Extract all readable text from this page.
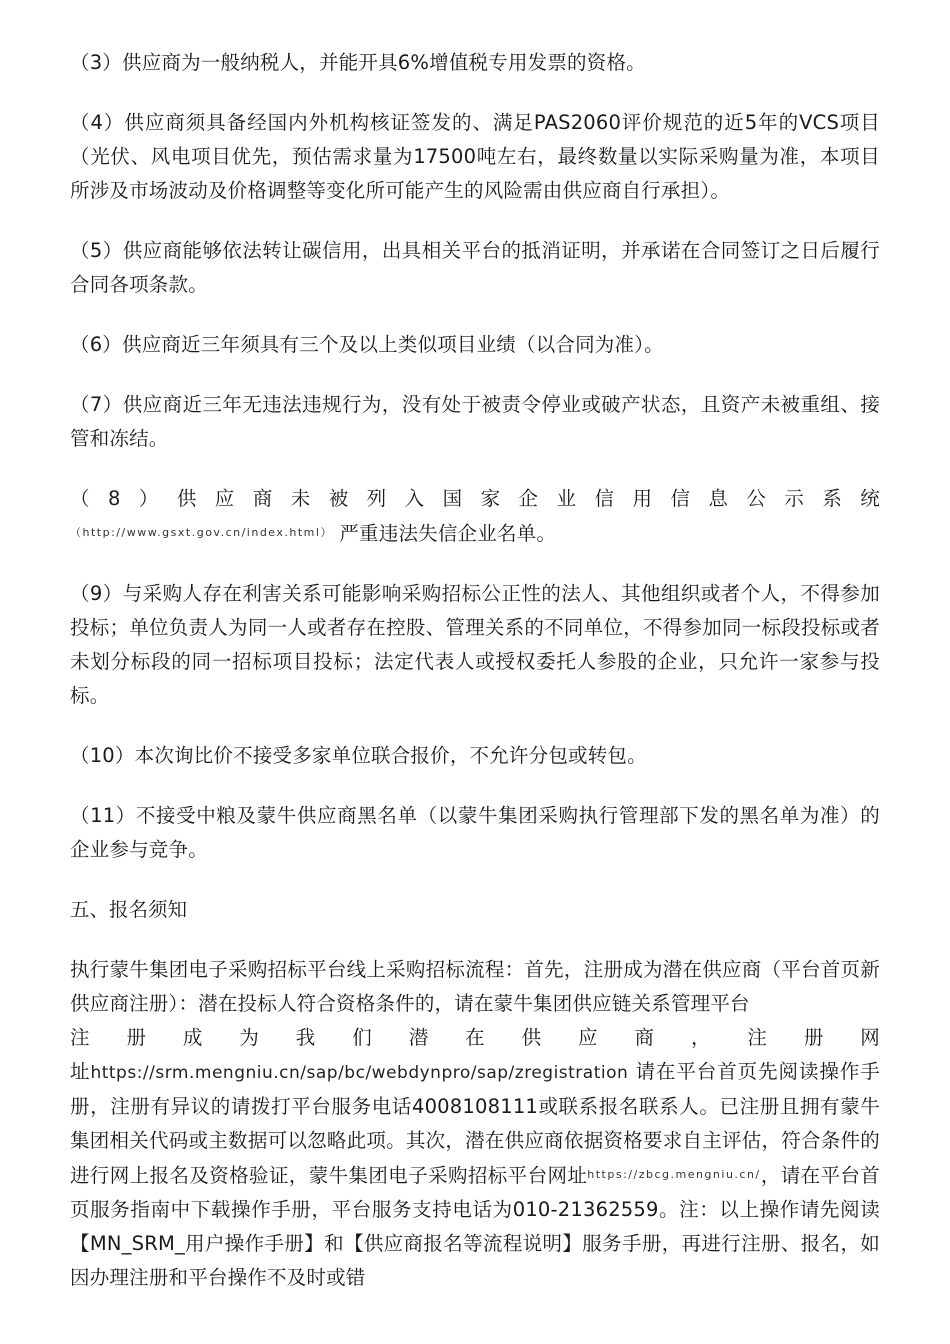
（3）供应商为一般纳税人，并能开具6%增值税专用发票的资格。

（4）供应商须具备经国内外机构核证签发的、满足PAS2060评价规范的近5年的VCS项目（光伏、风电项目优先，预估需求量为17500吨左右，最终数量以实际采购量为准，本项目所涉及市场波动及价格调整等变化所可能产生的风险需由供应商自行承担）。

（5）供应商能够依法转让碳信用，出具相关平台的抵消证明，并承诺在合同签订之日后履行合同各项条款。

（6）供应商近三年须具有三个及以上类似项目业绩（以合同为准）。

（7）供应商近三年无违法违规行为，没有处于被责令停业或破产状态，且资产未被重组、接管和冻结。

（8）供应商未被列入国家企业信用信息公示系统
$^{(http://www.gsxt.gov.cn/index.html)}$ 严重违法失信企业名单。

（9）与采购人存在利害关系可能影响采购招标公正性的法人、其他组织或者个人，不得参加投标；单位负责人为同一人或者存在控股、管理关系的不同单位，不得参加同一标段投标或者未划分标段的同一招标项目投标；法定代表人或授权委托人参股的企业，只允许一家参与投标。

（10）本次询比价不接受多家单位联合报价，不允许分包或转包。

（11）不接受中粮及蒙牛供应商黑名单（以蒙牛集团采购执行管理部下发的黑名单为准）的企业参与竞争。

五、报名须知

执行蒙牛集团电子采购招标平台线上采购招标流程：首先，注册成为潜在供应商（平台首页新供应商注册）：潜在投标人符合资格条件的，请在蒙牛集团供应链关系管理平台
注册成为我们潜在供应商，注册网
址https://srm.mengniu.cn/sap/bc/webdynpro/sap/zregistration 请在平台首页先阅读操作手册，注册有异议的请拨打平台服务电话4008108111或联系报名联系人。已注册且拥有蒙牛集团相关代码或主数据可以忽略此项。其次，潜在供应商依据资格要求自主评估，符合条件的进行网上报名及资格验证，蒙牛集团电子采购招标平台网址$^{https://zbcg.mengniu.cn/}$，请在平台首页服务指南中下载操作手册，平台服务支持电话为010-21362559。注：以上操作请先阅读【MN_SRM_用户操作手册】和【供应商报名等流程说明】服务手册，再进行注册、报名，如因办理注册和平台操作不及时或错
